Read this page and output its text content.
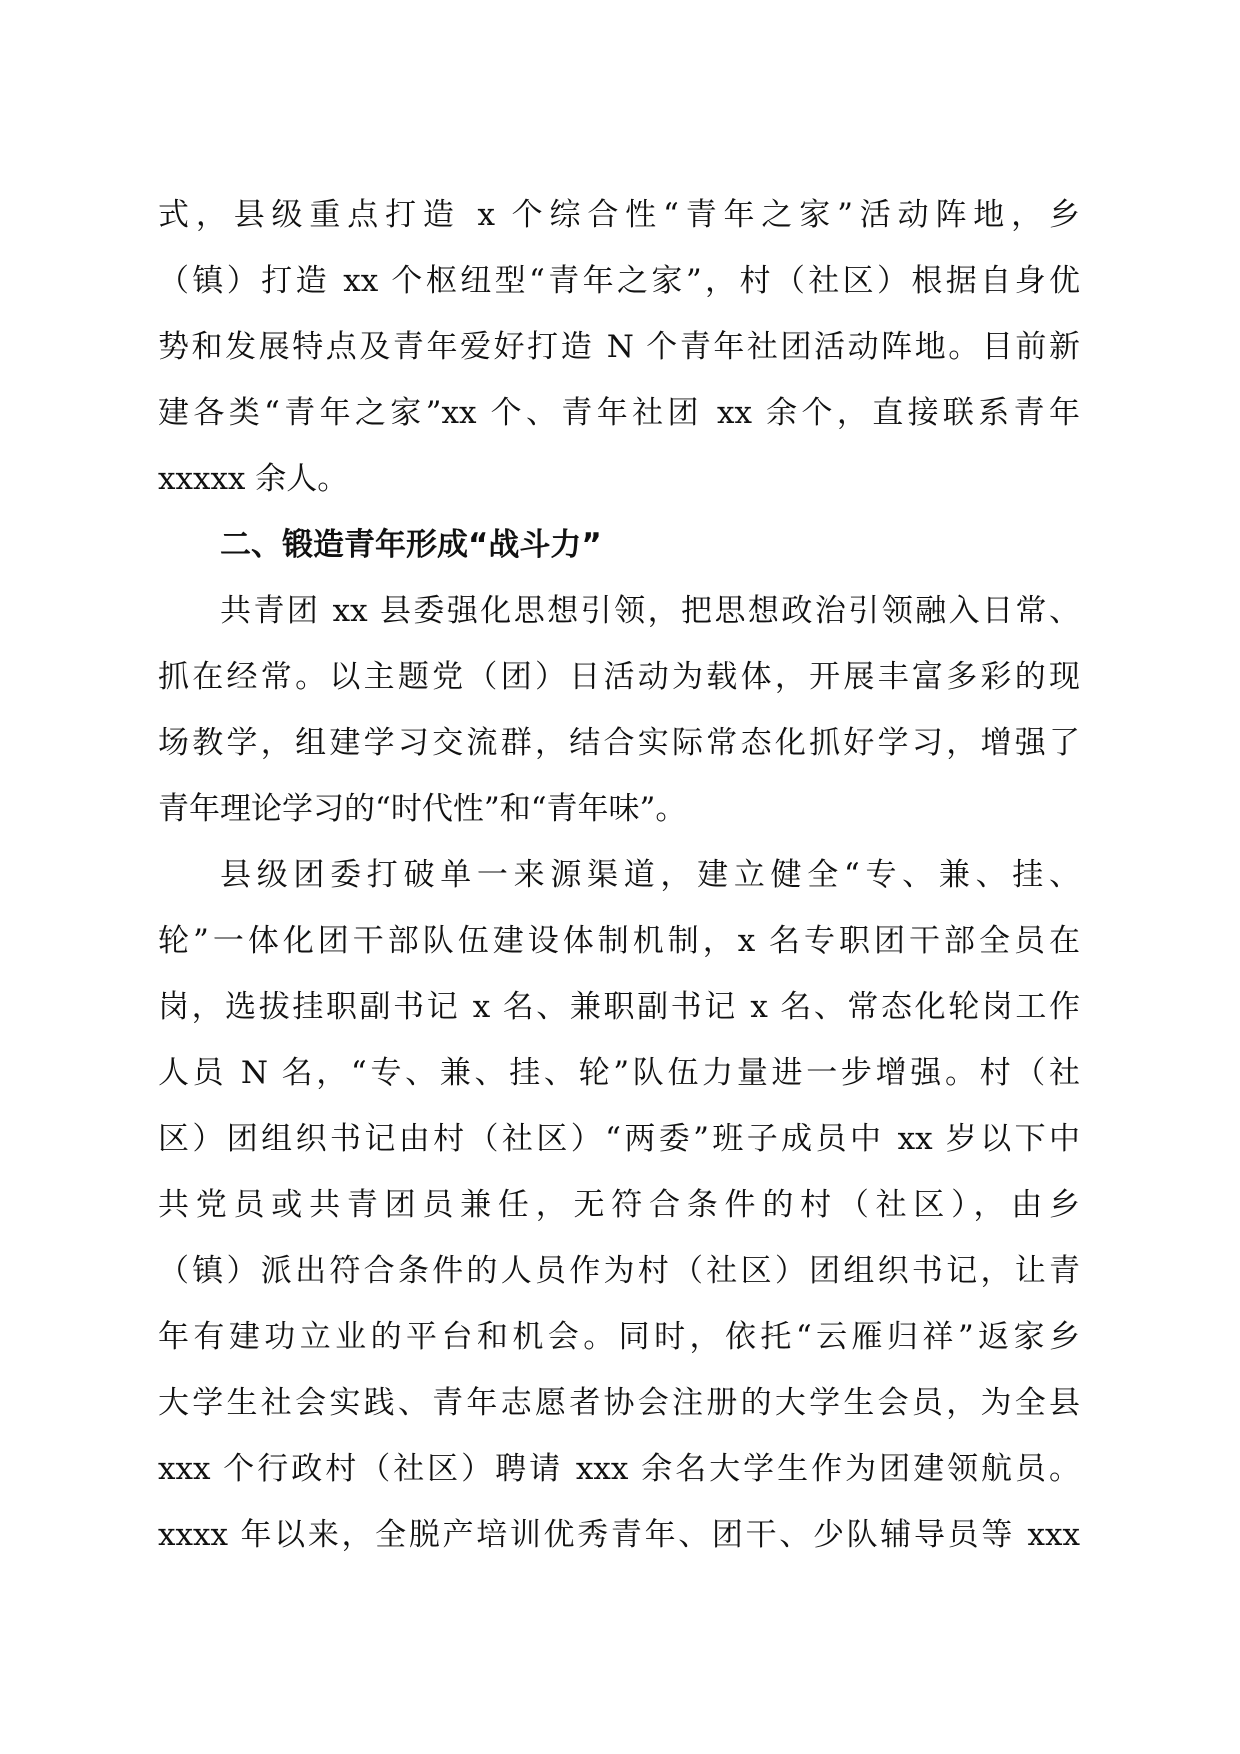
式，县级重点打造 x 个综合性“青年之家”活动阵地，乡
（镇）打造 xx 个枢纽型“青年之家”，村（社区）根据自身优
势和发展特点及青年爱好打造 N 个青年社团活动阵地。目前新
建各类“青年之家”xx 个、青年社团 xx 余个，直接联系青年
xxxxx 余人。
二、锻造青年形成“战斗力”
共青团 xx 县委强化思想引领，把思想政治引领融入日常、
抓在经常。以主题党（团）日活动为载体，开展丰富多彩的现
场教学，组建学习交流群，结合实际常态化抓好学习，增强了
青年理论学习的“时代性”和“青年味”。
县级团委打破单一来源渠道，建立健全“专、兼、挂、
轮”一体化团干部队伍建设体制机制，x 名专职团干部全员在
岗，选拔挂职副书记 x 名、兼职副书记 x 名、常态化轮岗工作
人员 N 名，“专、兼、挂、轮”队伍力量进一步增强。村（社
区）团组织书记由村（社区）“两委”班子成员中 xx 岁以下中
共党员或共青团员兼任，无符合条件的村（社区），由乡
（镇）派出符合条件的人员作为村（社区）团组织书记，让青
年有建功立业的平台和机会。同时，依托“云雁归祥”返家乡
大学生社会实践、青年志愿者协会注册的大学生会员，为全县
xxx 个行政村（社区）聘请 xxx 余名大学生作为团建领航员。
xxxx 年以来，全脱产培训优秀青年、团干、少队辅导员等 xxx
